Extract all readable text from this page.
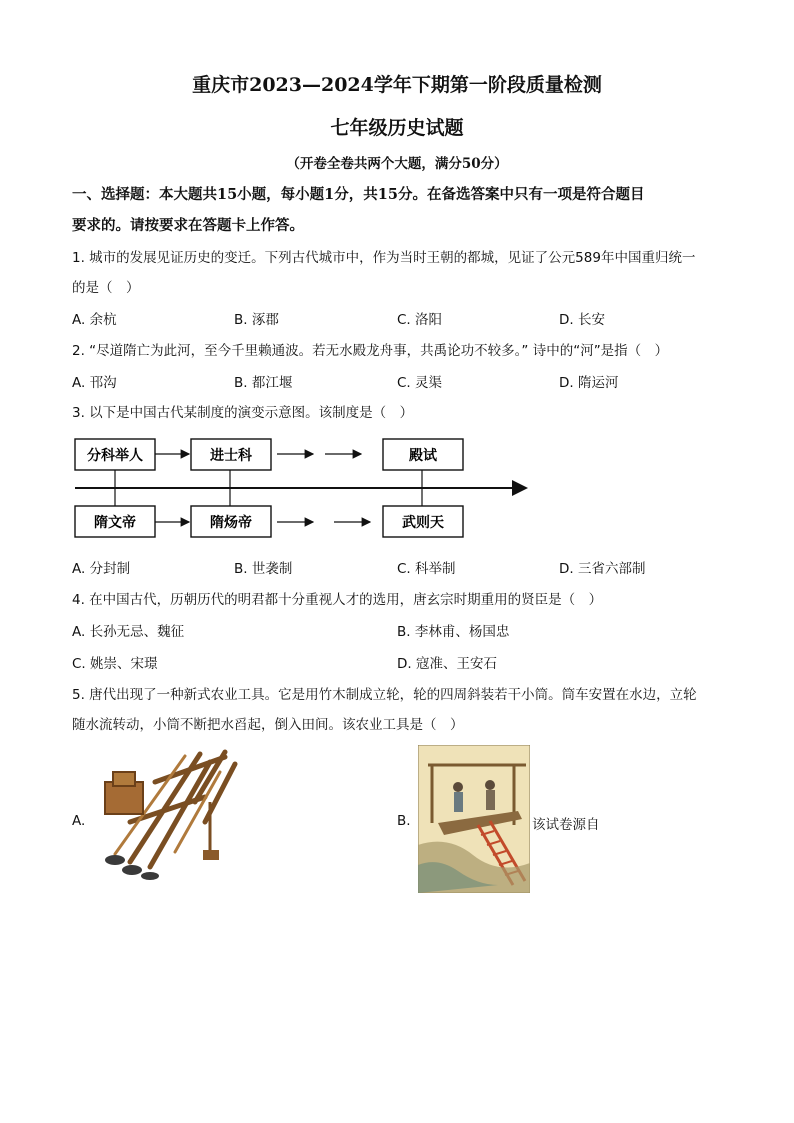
重庆市2023—2024学年下期第一阶段质量检测
七年级历史试题
（开卷全卷共两个大题，满分50分）
一、选择题：本大题共15小题，每小题1分，共15分。在备选答案中只有一项是符合题目
要求的。请按要求在答题卡上作答。
1. 城市的发展见证历史的变迁。下列古代城市中，作为当时王朝的都城，见证了公元589年中国重归统一
的是（　）
A. 余杭	B. 涿郡	C. 洛阳	D. 长安
2. “尽道隋亡为此河，至今千里赖通波。若无水殿龙舟事，共禹论功不较多。” 诗中的“河”是指（　）
A. 邗沟	B. 都江堰	C. 灵渠	D. 隋运河
3. 以下是中国古代某制度的演变示意图。该制度是（　）
分科举人	进士科	殿试
隋文帝	隋炀帝	武则天
A. 分封制	B. 世袭制	C. 科举制	D. 三省六部制
4. 在中国古代，历朝历代的明君都十分重视人才的选用，唐玄宗时期重用的贤臣是（　）
A. 长孙无忌、魏征	B. 李林甫、杨国忠
C. 姚崇、宋璟	D. 寇准、王安石
5. 唐代出现了一种新式农业工具。它是用竹木制成立轮，轮的四周斜装若干小筒。筒车安置在水边，立轮
随水流转动，小筒不断把水舀起，倒入田间。该农业工具是（　）
A.	B.	该试卷源自
